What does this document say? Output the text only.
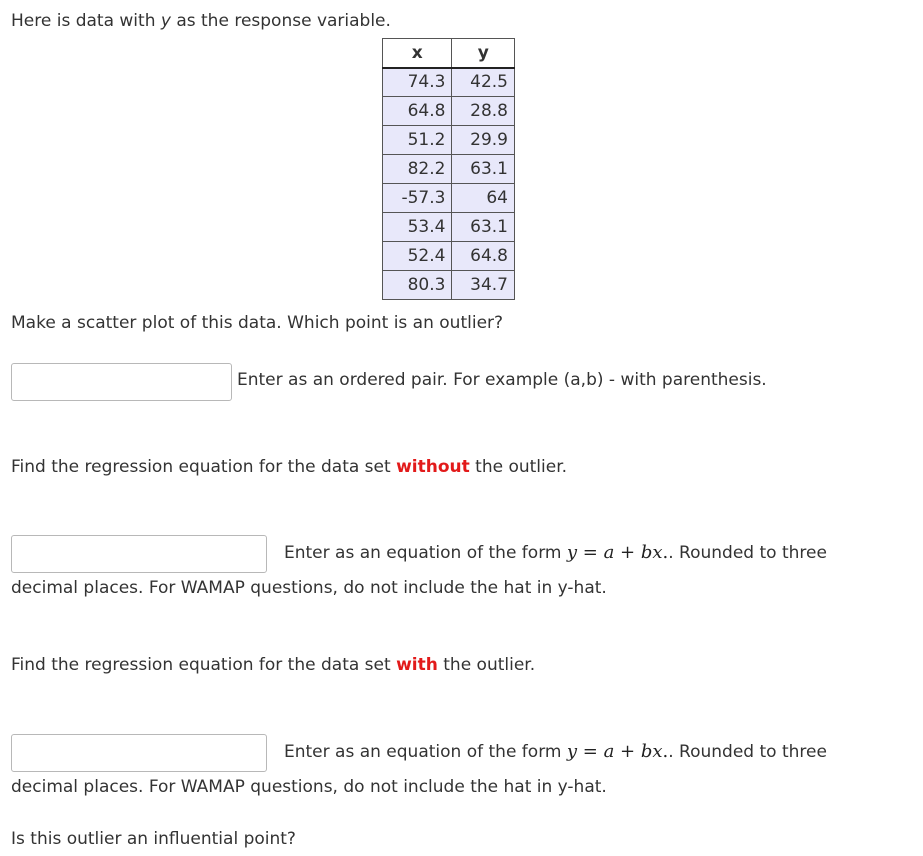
Here is data with y as the response variable.
x	y
74.3	42.5
64.8	28.8
51.2	29.9
82.2	63.1
-57.3	64
53.4	63.1
52.4	64.8
80.3	34.7
Make a scatter plot of this data. Which point is an outlier?
Enter as an ordered pair. For example (a,b) - with parenthesis.
Find the regression equation for the data set without the outlier.
Enter as an equation of the form y = a + bx.. Rounded to three
decimal places. For WAMAP questions, do not include the hat in y-hat.
Find the regression equation for the data set with the outlier.
Enter as an equation of the form y = a + bx.. Rounded to three
decimal places. For WAMAP questions, do not include the hat in y-hat.
Is this outlier an influential point?
